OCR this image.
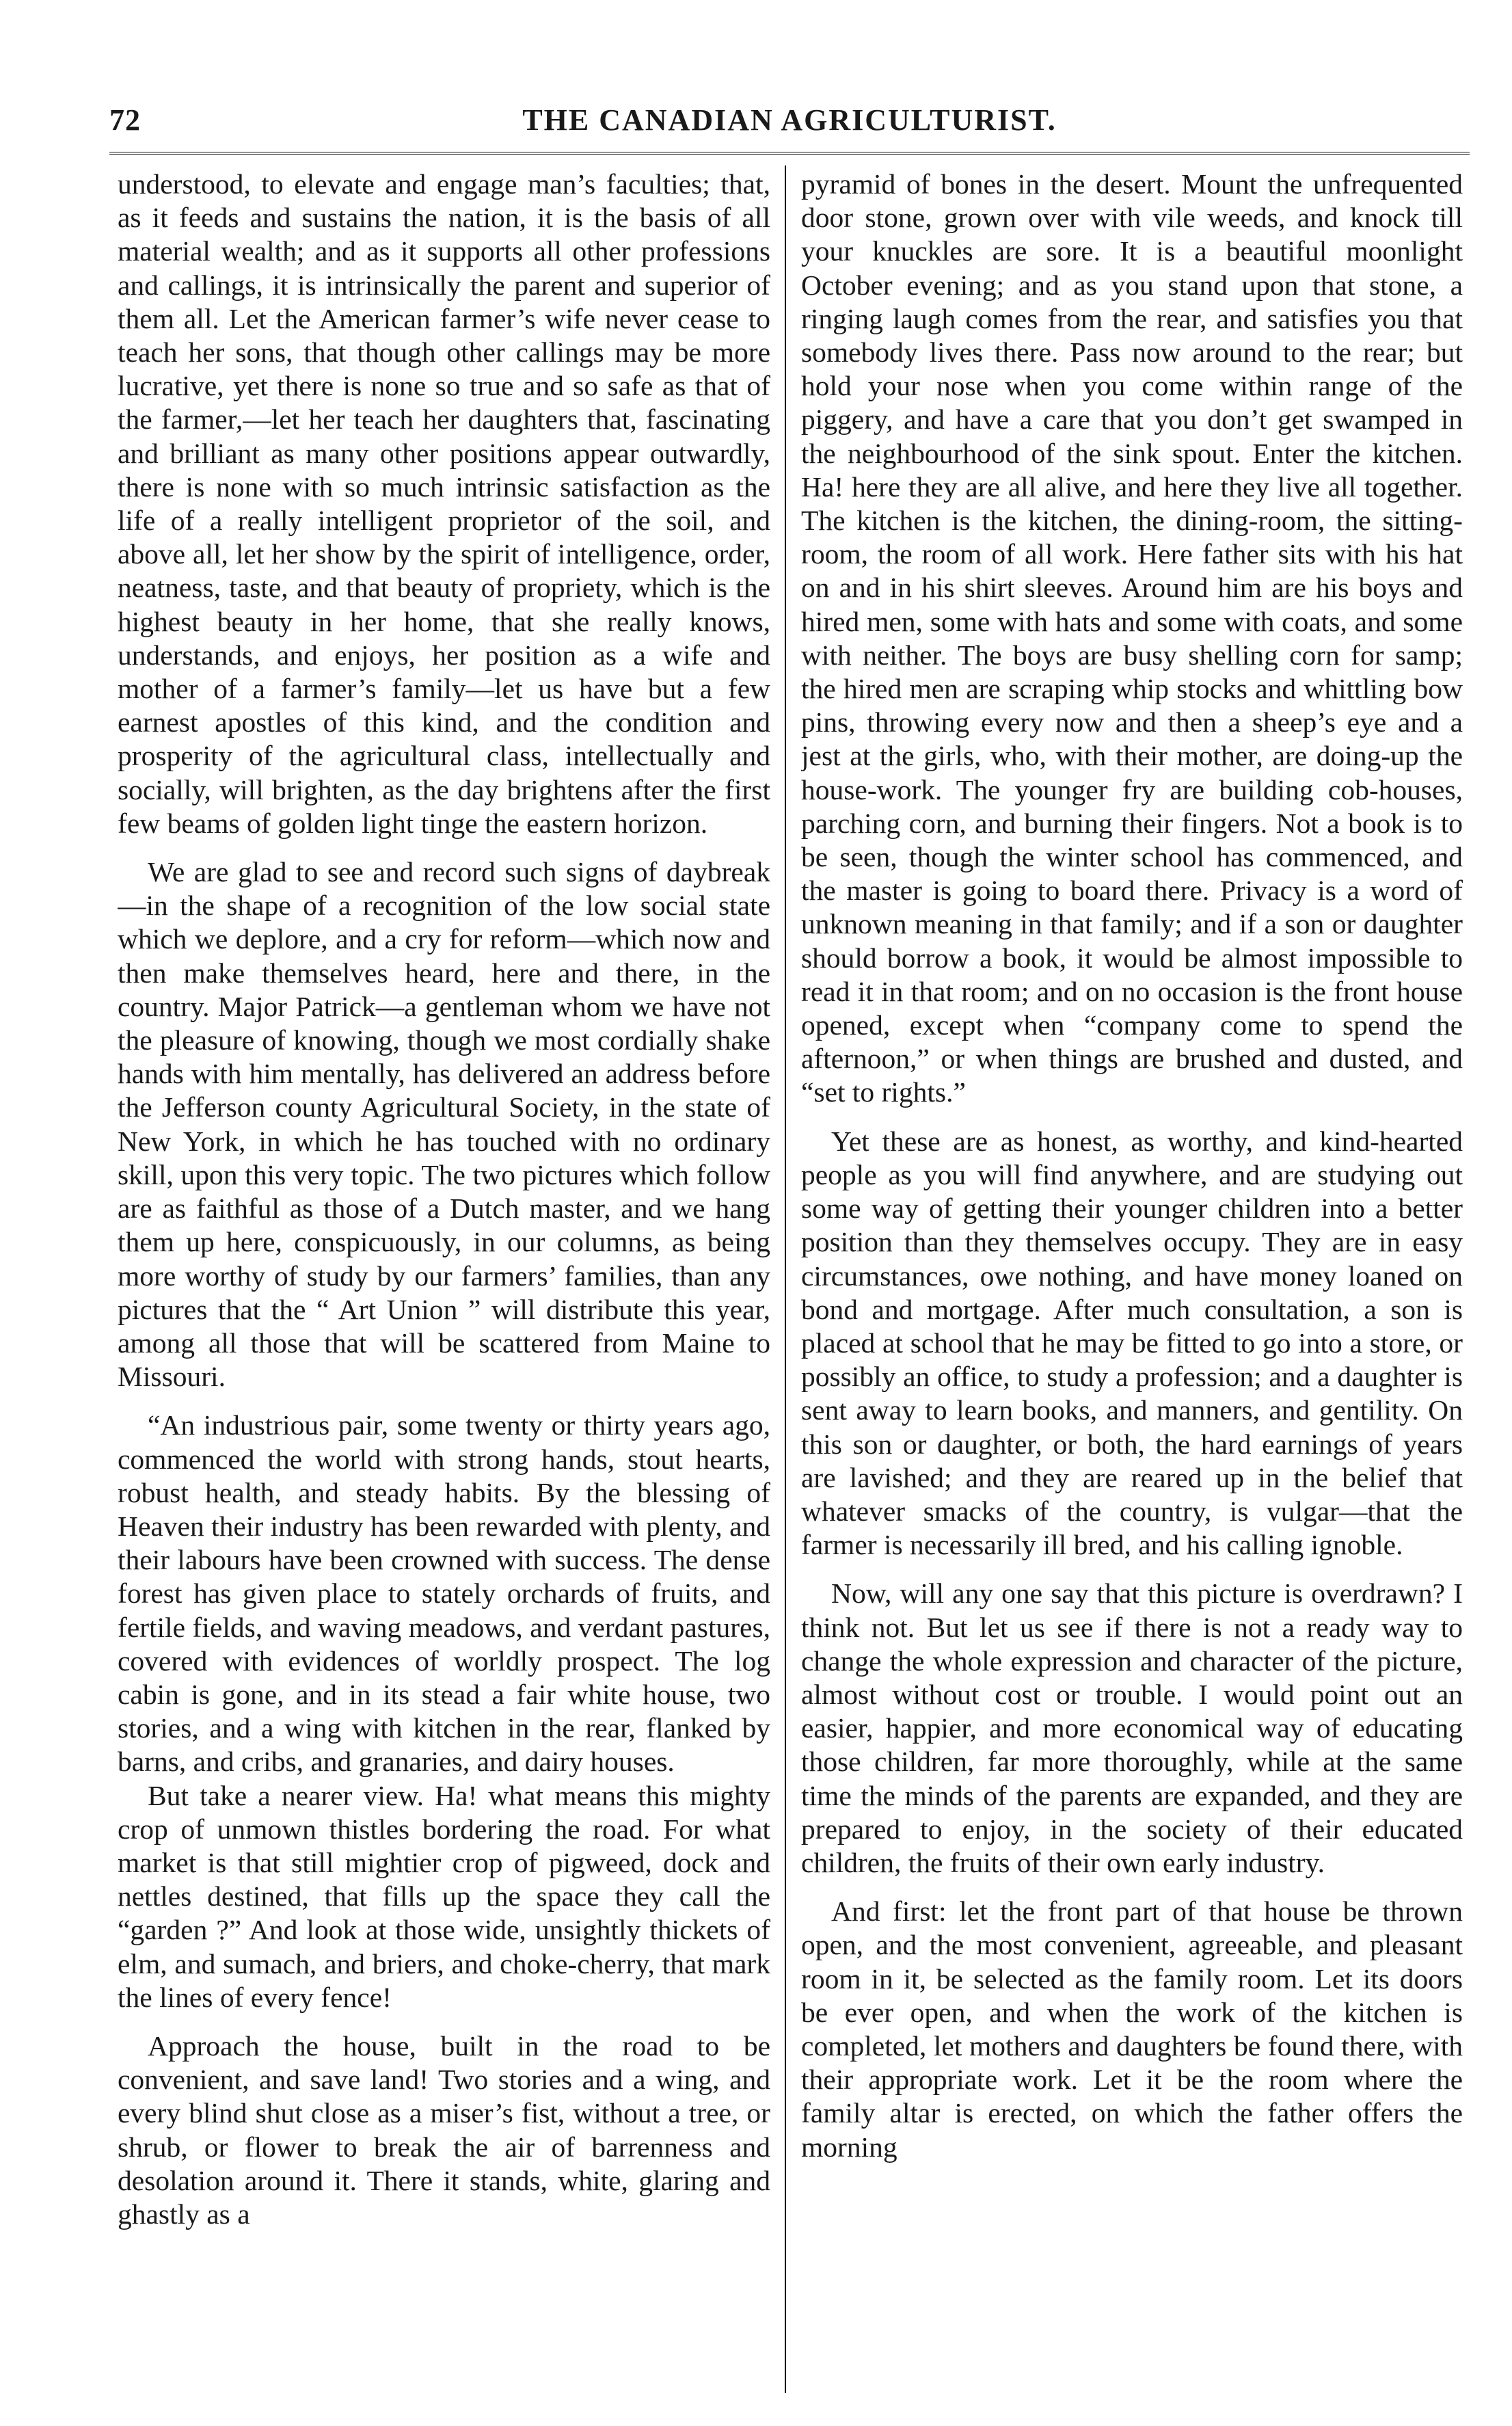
72	THE CANADIAN AGRICULTURIST.

understood, to elevate and engage man’s faculties; that, as it feeds and sustains the nation, it is the basis of all material wealth; and as it supports all other professions and callings, it is intrinsically the parent and superior of them all. Let the American farmer’s wife never cease to teach her sons, that though other callings may be more lucrative, yet there is none so true and so safe as that of the farmer,—let her teach her daughters that, fascinating and brilliant as many other positions appear outwardly, there is none with so much intrinsic satisfaction as the life of a really intelligent proprietor of the soil, and above all, let her show by the spirit of intelligence, order, neatness, taste, and that beauty of propriety, which is the highest beauty in her home, that she really knows, understands, and enjoys, her position as a wife and mother of a farmer’s family—let us have but a few earnest apostles of this kind, and the condition and prosperity of the agricultural class, intellectually and socially, will brighten, as the day brightens after the first few beams of golden light tinge the eastern horizon.

We are glad to see and record such signs of daybreak—in the shape of a recognition of the low social state which we deplore, and a cry for reform—which now and then make themselves heard, here and there, in the country. Major Patrick—a gentleman whom we have not the pleasure of knowing, though we most cordially shake hands with him mentally, has delivered an address before the Jefferson county Agricultural Society, in the state of New York, in which he has touched with no ordinary skill, upon this very topic. The two pictures which follow are as faithful as those of a Dutch master, and we hang them up here, conspicuously, in our columns, as being more worthy of study by our farmers’ families, than any pictures that the “ Art Union ” will distribute this year, among all those that will be scattered from Maine to Missouri.

“An industrious pair, some twenty or thirty years ago, commenced the world with strong hands, stout hearts, robust health, and steady habits. By the blessing of Heaven their industry has been rewarded with plenty, and their labours have been crowned with success. The dense forest has given place to stately orchards of fruits, and fertile fields, and waving meadows, and verdant pastures, covered with evidences of worldly prospect. The log cabin is gone, and in its stead a fair white house, two stories, and a wing with kitchen in the rear, flanked by barns, and cribs, and granaries, and dairy houses.

But take a nearer view. Ha! what means this mighty crop of unmown thistles bordering the road. For what market is that still mightier crop of pigweed, dock and nettles destined, that fills up the space they call the “garden ?” And look at those wide, unsightly thickets of elm, and sumach, and briers, and choke-cherry, that mark the lines of every fence!

Approach the house, built in the road to be convenient, and save land! Two stories and a wing, and every blind shut close as a miser’s fist, without a tree, or shrub, or flower to break the air of barrenness and desolation around it. There it stands, white, glaring and ghastly as a

pyramid of bones in the desert. Mount the unfrequented door stone, grown over with vile weeds, and knock till your knuckles are sore. It is a beautiful moonlight October evening; and as you stand upon that stone, a ringing laugh comes from the rear, and satisfies you that somebody lives there. Pass now around to the rear; but hold your nose when you come within range of the piggery, and have a care that you don’t get swamped in the neighbourhood of the sink spout. Enter the kitchen. Ha! here they are all alive, and here they live all together. The kitchen is the kitchen, the dining-room, the sitting-room, the room of all work. Here father sits with his hat on and in his shirt sleeves. Around him are his boys and hired men, some with hats and some with coats, and some with neither. The boys are busy shelling corn for samp; the hired men are scraping whip stocks and whittling bow pins, throwing every now and then a sheep’s eye and a jest at the girls, who, with their mother, are doing-up the house-work. The younger fry are building cob-houses, parching corn, and burning their fingers. Not a book is to be seen, though the winter school has commenced, and the master is going to board there. Privacy is a word of unknown meaning in that family; and if a son or daughter should borrow a book, it would be almost impossible to read it in that room; and on no occasion is the front house opened, except when “company come to spend the afternoon,” or when things are brushed and dusted, and “set to rights.”

Yet these are as honest, as worthy, and kind-hearted people as you will find anywhere, and are studying out some way of getting their younger children into a better position than they themselves occupy. They are in easy circumstances, owe nothing, and have money loaned on bond and mortgage. After much consultation, a son is placed at school that he may be fitted to go into a store, or possibly an office, to study a profession; and a daughter is sent away to learn books, and manners, and gentility. On this son or daughter, or both, the hard earnings of years are lavished; and they are reared up in the belief that whatever smacks of the country, is vulgar—that the farmer is necessarily ill bred, and his calling ignoble.

Now, will any one say that this picture is overdrawn? I think not. But let us see if there is not a ready way to change the whole expression and character of the picture, almost without cost or trouble. I would point out an easier, happier, and more economical way of educating those children, far more thoroughly, while at the same time the minds of the parents are expanded, and they are prepared to enjoy, in the society of their educated children, the fruits of their own early industry.

And first: let the front part of that house be thrown open, and the most convenient, agreeable, and pleasant room in it, be selected as the family room. Let its doors be ever open, and when the work of the kitchen is completed, let mothers and daughters be found there, with their appropriate work. Let it be the room where the family altar is erected, on which the father offers the morning
